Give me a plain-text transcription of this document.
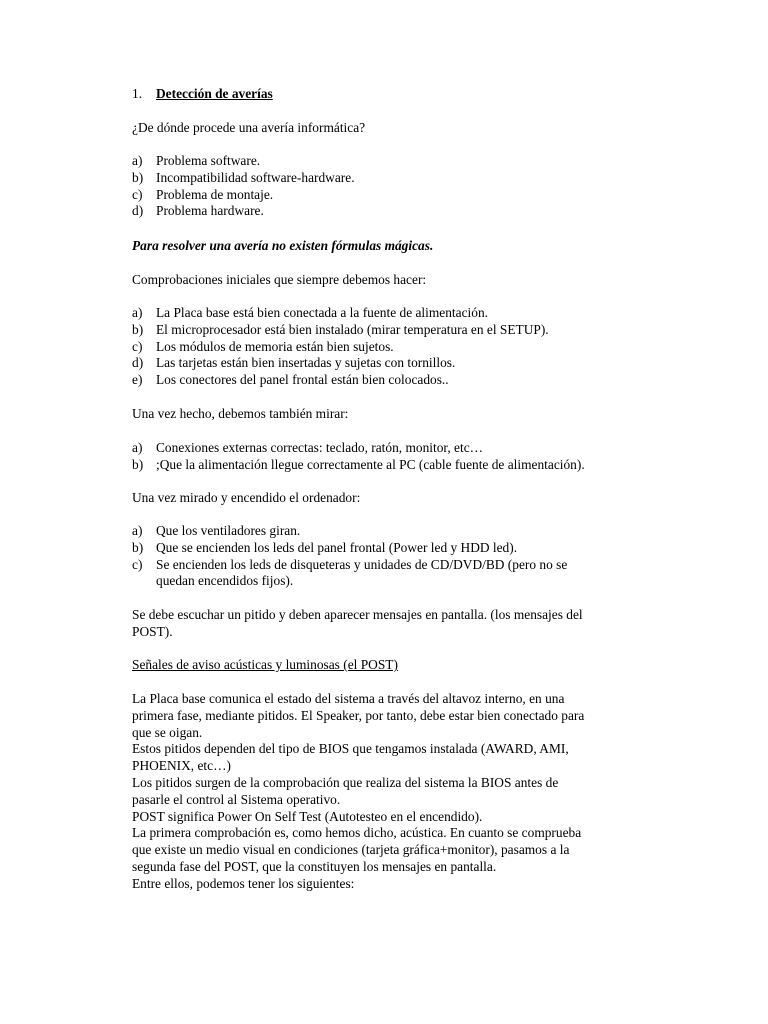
1. Detección de averías

¿De dónde procede una avería informática?

a) Problema software.
b) Incompatibilidad software-hardware.
c) Problema de montaje.
d) Problema hardware.

Para resolver una avería no existen fórmulas mágicas.

Comprobaciones iniciales que siempre debemos hacer:

a) La Placa base está bien conectada a la fuente de alimentación.
b) El microprocesador está bien instalado (mirar temperatura en el SETUP).
c) Los módulos de memoria están bien sujetos.
d) Las tarjetas están bien insertadas y sujetas con tornillos.
e) Los conectores del panel frontal están bien colocados..

Una vez hecho, debemos también mirar:

a) Conexiones externas correctas: teclado, ratón, monitor, etc…
b) ;Que la alimentación llegue correctamente al PC (cable fuente de alimentación).

Una vez mirado y encendido el ordenador:

a) Que los ventiladores giran.
b) Que se encienden los leds del panel frontal (Power led y HDD led).
c) Se encienden los leds de disqueteras y unidades de CD/DVD/BD (pero no se
quedan encendidos fijos).

Se debe escuchar un pitido y deben aparecer mensajes en pantalla. (los mensajes del
POST).

Señales de aviso acústicas y luminosas (el POST)

La Placa base comunica el estado del sistema a través del altavoz interno, en una
primera fase, mediante pitidos. El Speaker, por tanto, debe estar bien conectado para
que se oigan.
Estos pitidos dependen del tipo de BIOS que tengamos instalada (AWARD, AMI,
PHOENIX, etc…)
Los pitidos surgen de la comprobación que realiza del sistema la BIOS antes de
pasarle el control al Sistema operativo.
POST significa Power On Self Test (Autotesteo en el encendido).
La primera comprobación es, como hemos dicho, acústica. En cuanto se comprueba
que existe un medio visual en condiciones (tarjeta gráfica+monitor), pasamos a la
segunda fase del POST, que la constituyen los mensajes en pantalla.
Entre ellos, podemos tener los siguientes:
